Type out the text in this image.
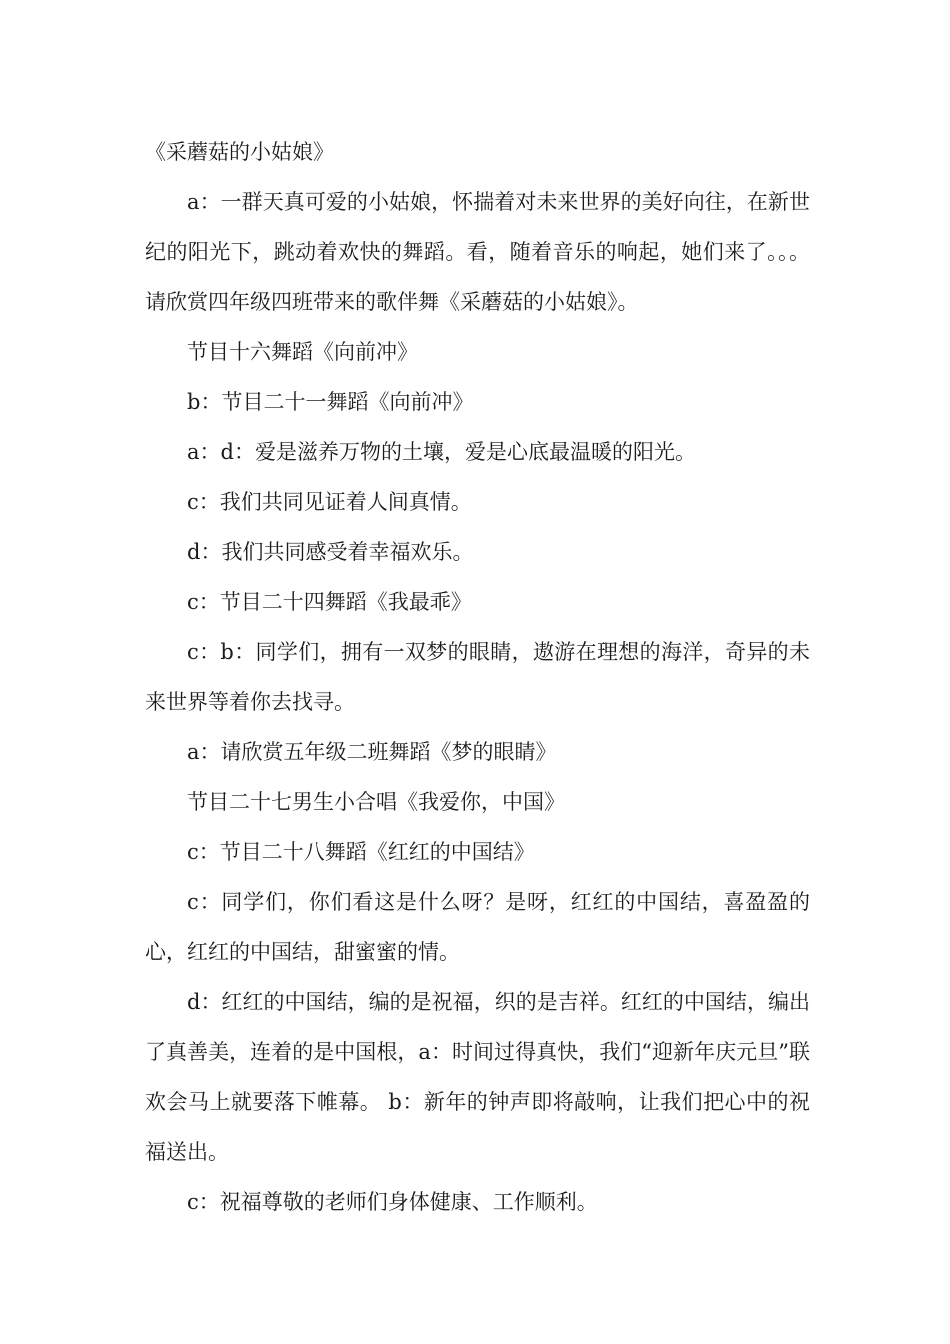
《采蘑菇的小姑娘》

a：一群天真可爱的小姑娘，怀揣着对未来世界的美好向往，在新世纪的阳光下，跳动着欢快的舞蹈。看，随着音乐的响起，她们来了。。。请欣赏四年级四班带来的歌伴舞《采蘑菇的小姑娘》。

节目十六舞蹈《向前冲》

b：节目二十一舞蹈《向前冲》

a：d：爱是滋养万物的土壤，爱是心底最温暖的阳光。

c：我们共同见证着人间真情。

d：我们共同感受着幸福欢乐。

c：节目二十四舞蹈《我最乖》

c：b：同学们，拥有一双梦的眼睛，遨游在理想的海洋，奇异的未来世界等着你去找寻。

a：请欣赏五年级二班舞蹈《梦的眼睛》

节目二十七男生小合唱《我爱你，中国》

c：节目二十八舞蹈《红红的中国结》

c：同学们，你们看这是什么呀？是呀，红红的中国结，喜盈盈的心，红红的中国结，甜蜜蜜的情。

d：红红的中国结，编的是祝福，织的是吉祥。红红的中国结，编出了真善美，连着的是中国根，a：时间过得真快，我们“迎新年庆元旦”联欢会马上就要落下帷幕。 b：新年的钟声即将敲响，让我们把心中的祝福送出。

c：祝福尊敬的老师们身体健康、工作顺利。
